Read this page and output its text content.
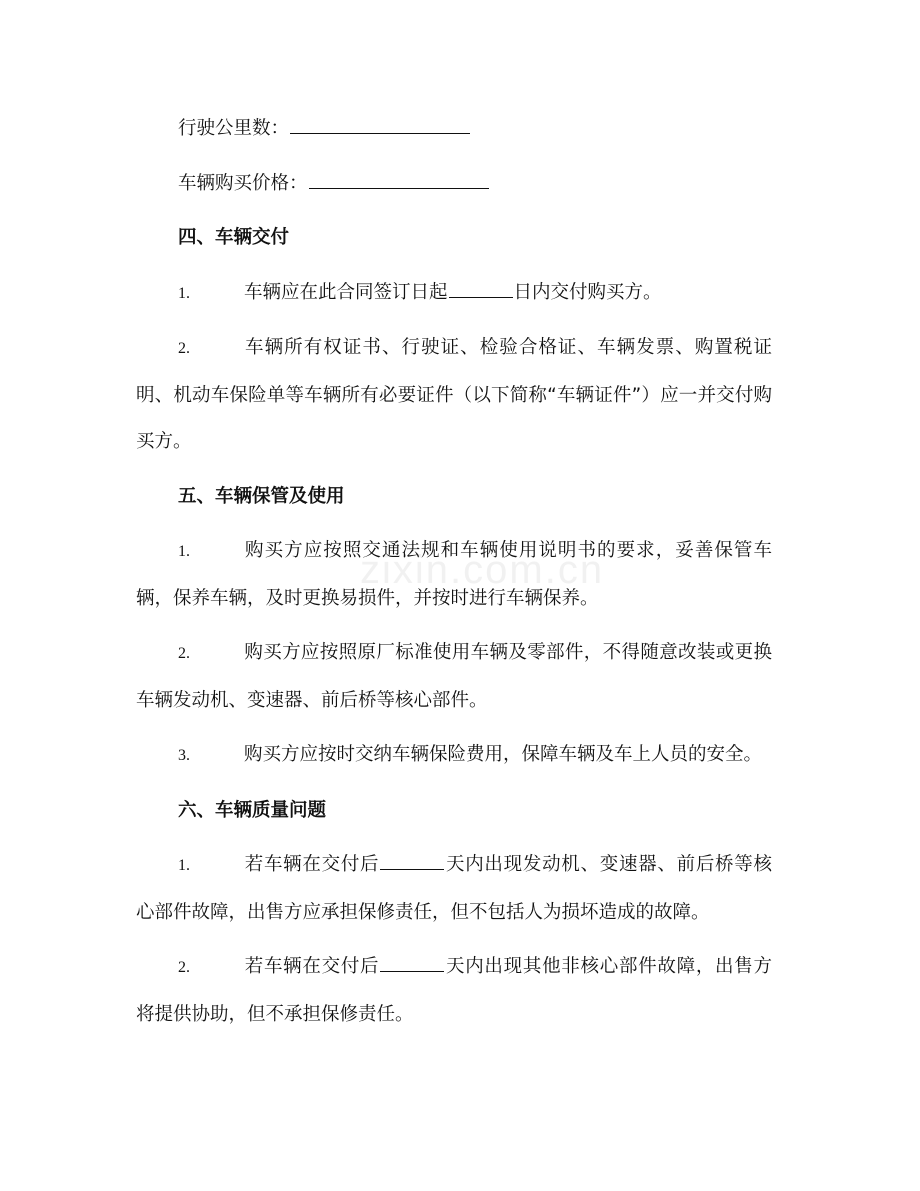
行驶公里数：

车辆购买价格：

四、车辆交付

1.	车辆应在此合同签订日起	日内交付购买方。

2.	车辆所有权证书、行驶证、检验合格证、车辆发票、购置税证明、机动车保险单等车辆所有必要证件（以下简称“车辆证件”）应一并交付购买方。

五、车辆保管及使用

1.	购买方应按照交通法规和车辆使用说明书的要求，妥善保管车辆，保养车辆，及时更换易损件，并按时进行车辆保养。

2.	购买方应按照原厂标准使用车辆及零部件，不得随意改装或更换车辆发动机、变速器、前后桥等核心部件。

3.	购买方应按时交纳车辆保险费用，保障车辆及车上人员的安全。

六、车辆质量问题

1.	若车辆在交付后	天内出现发动机、变速器、前后桥等核心部件故障，出售方应承担保修责任，但不包括人为损坏造成的故障。

2.	若车辆在交付后	天内出现其他非核心部件故障，出售方将提供协助，但不承担保修责任。

zixin.com.cn
